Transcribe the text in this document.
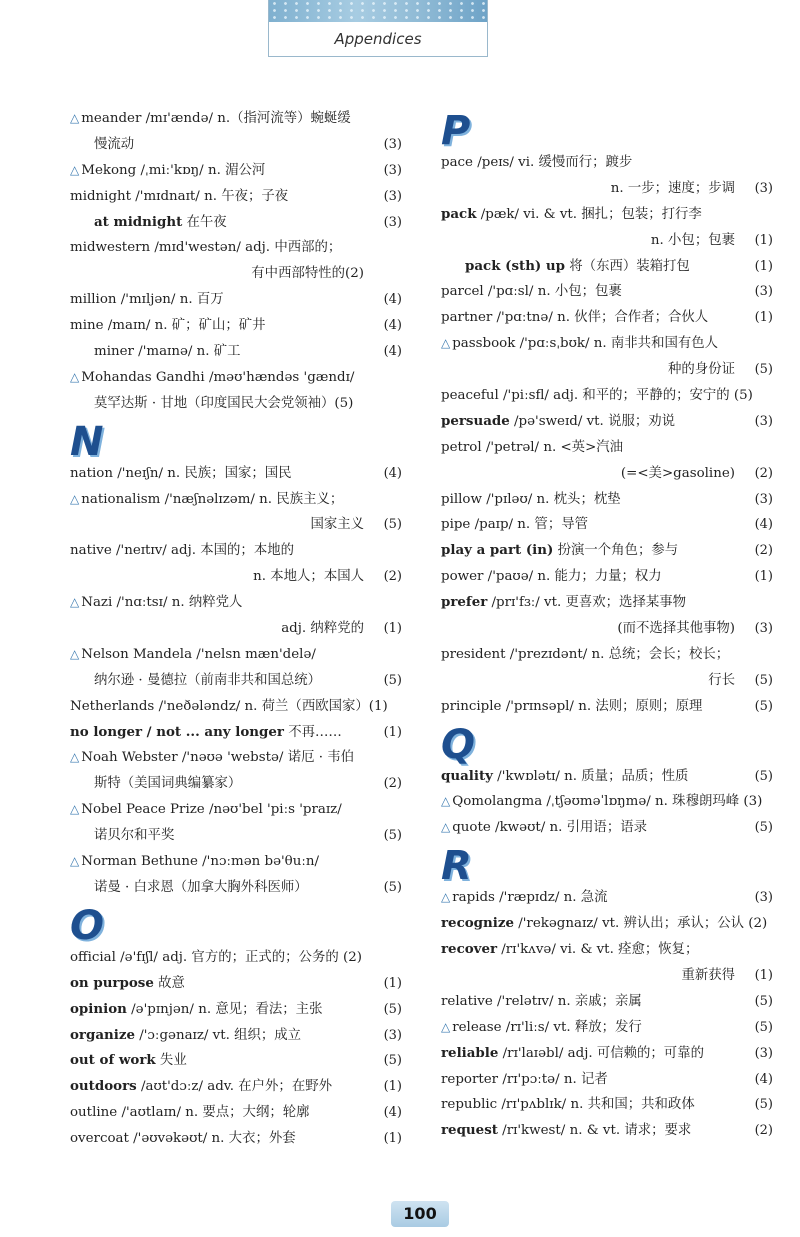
Appendices
△ meander /mɪ'ændə/ n.（指河流等）蜿蜒缓
慢流动	(3)
△ Mekong /ˌmiː'kɒŋ/ n. 湄公河	(3)
midnight /'mɪdnaɪt/ n. 午夜；子夜	(3)
at midnight 在午夜	(3)
midwestern /mɪd'westən/ adj. 中西部的；
有中西部特性的(2)
million /'mɪljən/ n. 百万	(4)
mine /maɪn/ n. 矿；矿山；矿井	(4)
miner /'maɪnə/ n. 矿工	(4)
△ Mohandas Gandhi /məʊ'hændəs 'gændɪ/
莫罕达斯 · 甘地（印度国民大会党领袖）(5)
N
nation /'neɪʃn/ n. 民族；国家；国民	(4)
△ nationalism /'næʃnəlɪzəm/ n. 民族主义；
国家主义 (5)
native /'neɪtɪv/ adj. 本国的；本地的
n. 本地人；本国人 (2)
△ Nazi /'nɑːtsɪ/ n. 纳粹党人
adj. 纳粹党的 (1)
△ Nelson Mandela /'nelsn mæn'delə/
纳尔逊 · 曼德拉（前南非共和国总统）	(5)
Netherlands /'neðələndz/ n. 荷兰（西欧国家）(1)
no longer / not ... any longer 不再……	(1)
△ Noah Webster /'nəʊə 'webstə/ 诺厄 · 韦伯
斯特（美国词典编纂家）	(2)
△ Nobel Peace Prize /nəʊ'bel 'piːs 'praɪz/
诺贝尔和平奖	(5)
△ Norman Bethune /'nɔːmən bə'θuːn/
诺曼 · 白求恩（加拿大胸外科医师）	(5)
O
official /ə'fɪʃl/ adj. 官方的；正式的；公务的 (2)
on purpose 故意	(1)
opinion /ə'pɪnjən/ n. 意见；看法；主张	(5)
organize /'ɔːgənaɪz/ vt. 组织；成立	(3)
out of work 失业	(5)
outdoors /aʊt'dɔːz/ adv. 在户外；在野外	(1)
outline /'aʊtlaɪn/ n. 要点；大纲；轮廓	(4)
overcoat /'əʊvəkəʊt/ n. 大衣；外套	(1)
P
pace /peɪs/ vi. 缓慢而行；踱步
n. 一步；速度；步调 (3)
pack /pæk/ vi. & vt. 捆扎；包装；打行李
n. 小包；包裹 (1)
pack (sth) up 将（东西）装箱打包	(1)
parcel /'pɑːsl/ n. 小包；包裹	(3)
partner /'pɑːtnə/ n. 伙伴；合作者；合伙人	(1)
△ passbook /'pɑːsˌbʊk/ n. 南非共和国有色人
种的身份证 (5)
peaceful /'piːsfl/ adj. 和平的；平静的；安宁的 (5)
persuade /pə'sweɪd/ vt. 说服；劝说	(3)
petrol /'petrəl/ n. <英>汽油
(=<美>gasoline) (2)
pillow /'pɪləʊ/ n. 枕头；枕垫	(3)
pipe /paɪp/ n. 管；导管	(4)
play a part (in) 扮演一个角色；参与	(2)
power /'paʊə/ n. 能力；力量；权力	(1)
prefer /prɪ'fɜː/ vt. 更喜欢；选择某事物
(而不选择其他事物) (3)
president /'prezɪdənt/ n. 总统；会长；校长；
行长 (5)
principle /'prɪnsəpl/ n. 法则；原则；原理	(5)
Q
quality /'kwɒlətɪ/ n. 质量；品质；性质	(5)
△ Qomolangma /ˌtʃəʊməˈlɒŋmə/ n. 珠穆朗玛峰 (3)
△ quote /kwəʊt/ n. 引用语；语录	(5)
R
△ rapids /'ræpɪdz/ n. 急流	(3)
recognize /'rekəgnaɪz/ vt. 辨认出；承认；公认 (2)
recover /rɪ'kʌvə/ vi. & vt. 痊愈；恢复；
重新获得 (1)
relative /'relətɪv/ n. 亲戚；亲属	(5)
△ release /rɪ'liːs/ vt. 释放；发行	(5)
reliable /rɪ'laɪəbl/ adj. 可信赖的；可靠的	(3)
reporter /rɪ'pɔːtə/ n. 记者	(4)
republic /rɪ'pʌblɪk/ n. 共和国；共和政体	(5)
request /rɪ'kwest/ n. & vt. 请求；要求	(2)
100
